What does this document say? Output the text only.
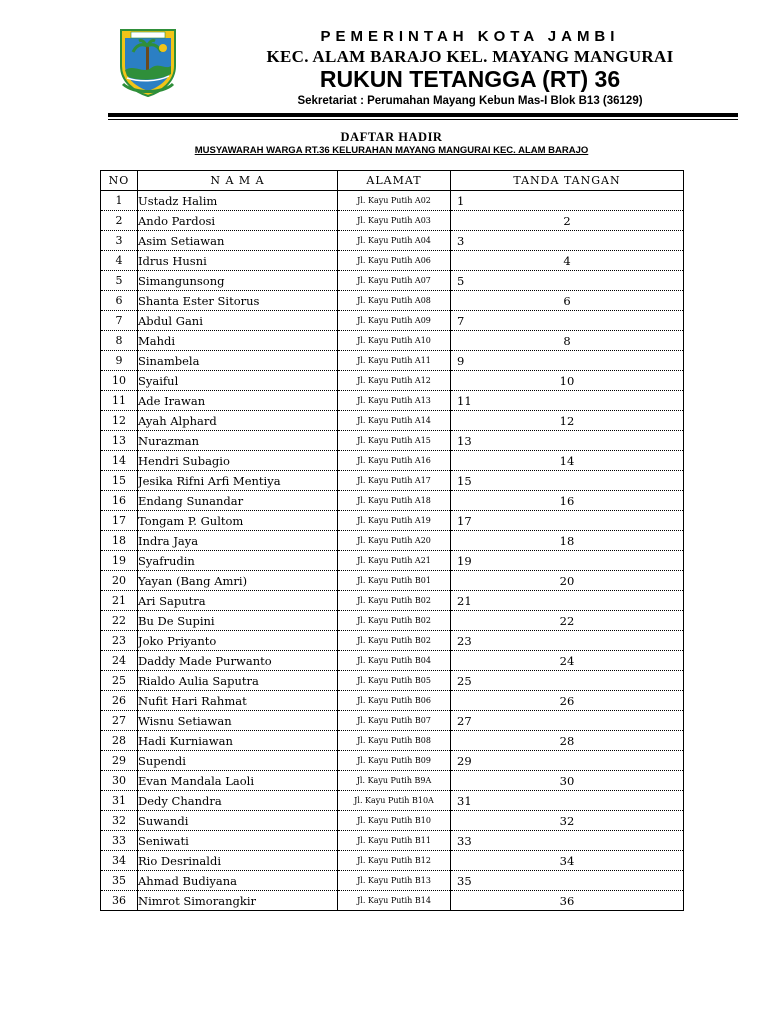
PEMERINTAH KOTA JAMBI
KEC. ALAM BARAJO KEL. MAYANG MANGURAI
RUKUN TETANGGA (RT) 36
Sekretariat : Perumahan Mayang Kebun Mas-I Blok B13 (36129)
DAFTAR HADIR
MUSYAWARAH WARGA RT.36 KELURAHAN MAYANG MANGURAI KEC. ALAM BARAJO
NO	N A M A	ALAMAT	TANDA TANGAN
1	Ustadz Halim	Jl. Kayu Putih A02	1
2	Ando Pardosi	Jl. Kayu Putih A03	2

3	Asim Setiawan	Jl. Kayu Putih A04	3
4	Idrus Husni	Jl. Kayu Putih A06	4

5	Simangunsong	Jl. Kayu Putih A07	5
6	Shanta Ester Sitorus	Jl. Kayu Putih A08	6

7	Abdul Gani	Jl. Kayu Putih A09	7
8	Mahdi	Jl. Kayu Putih A10	8

9	Sinambela	Jl. Kayu Putih A11	9
10	Syaiful	Jl. Kayu Putih A12	10

11	Ade Irawan	Jl. Kayu Putih A13	11
12	Ayah Alphard	Jl. Kayu Putih A14	12

13	Nurazman	Jl. Kayu Putih A15	13
14	Hendri Subagio	Jl. Kayu Putih A16	14

15	Jesika Rifni Arfi Mentiya	Jl. Kayu Putih A17	15
16	Endang Sunandar	Jl. Kayu Putih A18	16

17	Tongam P. Gultom	Jl. Kayu Putih A19	17
18	Indra Jaya	Jl. Kayu Putih A20	18

19	Syafrudin	Jl. Kayu Putih A21	19
20	Yayan (Bang Amri)	Jl. Kayu Putih B01	20

21	Ari Saputra	Jl. Kayu Putih B02	21
22	Bu De Supini	Jl. Kayu Putih B02	22

23	Joko Priyanto	Jl. Kayu Putih B02	23
24	Daddy Made Purwanto	Jl. Kayu Putih B04	24

25	Rialdo Aulia Saputra	Jl. Kayu Putih B05	25
26	Nufit Hari Rahmat	Jl. Kayu Putih B06	26

27	Wisnu Setiawan	Jl. Kayu Putih B07	27
28	Hadi Kurniawan	Jl. Kayu Putih B08	28

29	Supendi	Jl. Kayu Putih B09	29
30	Evan Mandala Laoli	Jl. Kayu Putih B9A	30

31	Dedy Chandra	Jl. Kayu Putih B10A	31
32	Suwandi	Jl. Kayu Putih B10	32

33	Seniwati	Jl. Kayu Putih B11	33
34	Rio Desrinaldi	Jl. Kayu Putih B12	34

35	Ahmad Budiyana	Jl. Kayu Putih B13	35
36	Nimrot Simorangkir	Jl. Kayu Putih B14	36
